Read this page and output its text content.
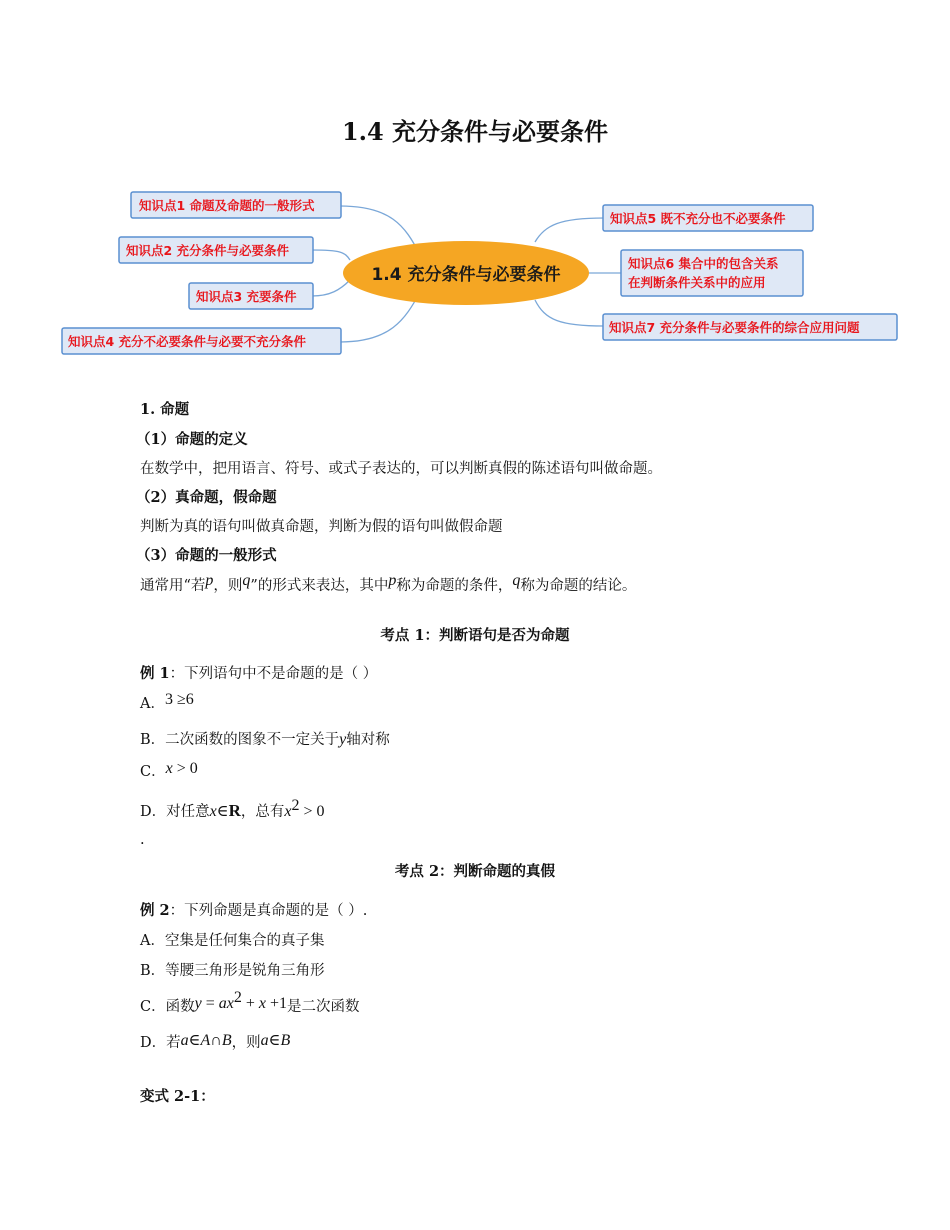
1.4 充分条件与必要条件
1.4 充分条件与必要条件
知识点1 命题及命题的一般形式
知识点2 充分条件与必要条件
知识点3 充要条件
知识点4 充分不必要条件与必要不充分条件
知识点5 既不充分也不必要条件
知识点6 集合中的包含关系
在判断条件关系中的应用
知识点7 充分条件与必要条件的综合应用问题
1. 命题
（1）命题的定义
在数学中，把用语言、符号、或式子表达的，可以判断真假的陈述语句叫做命题。
（2）真命题，假命题
判断为真的语句叫做真命题，判断为假的语句叫做假命题
（3）命题的一般形式
通常用“若p，则q”的形式来表达，其中p称为命题的条件，q称为命题的结论。
考点 1：判断语句是否为命题
例 1：下列语句中不是命题的是（ ）
A．3 ≥6
B．二次函数的图象不一定关于y轴对称
C．x > 0
D．对任意x∈R，总有$x^2 > 0$
.
考点 2：判断命题的真假
例 2：下列命题是真命题的是（ ）.
A．空集是任何集合的真子集
B．等腰三角形是锐角三角形
C．函数$y = ax^2 + x +1$是二次函数
D．若a∈A∩B，则a∈B
变式 2-1：
